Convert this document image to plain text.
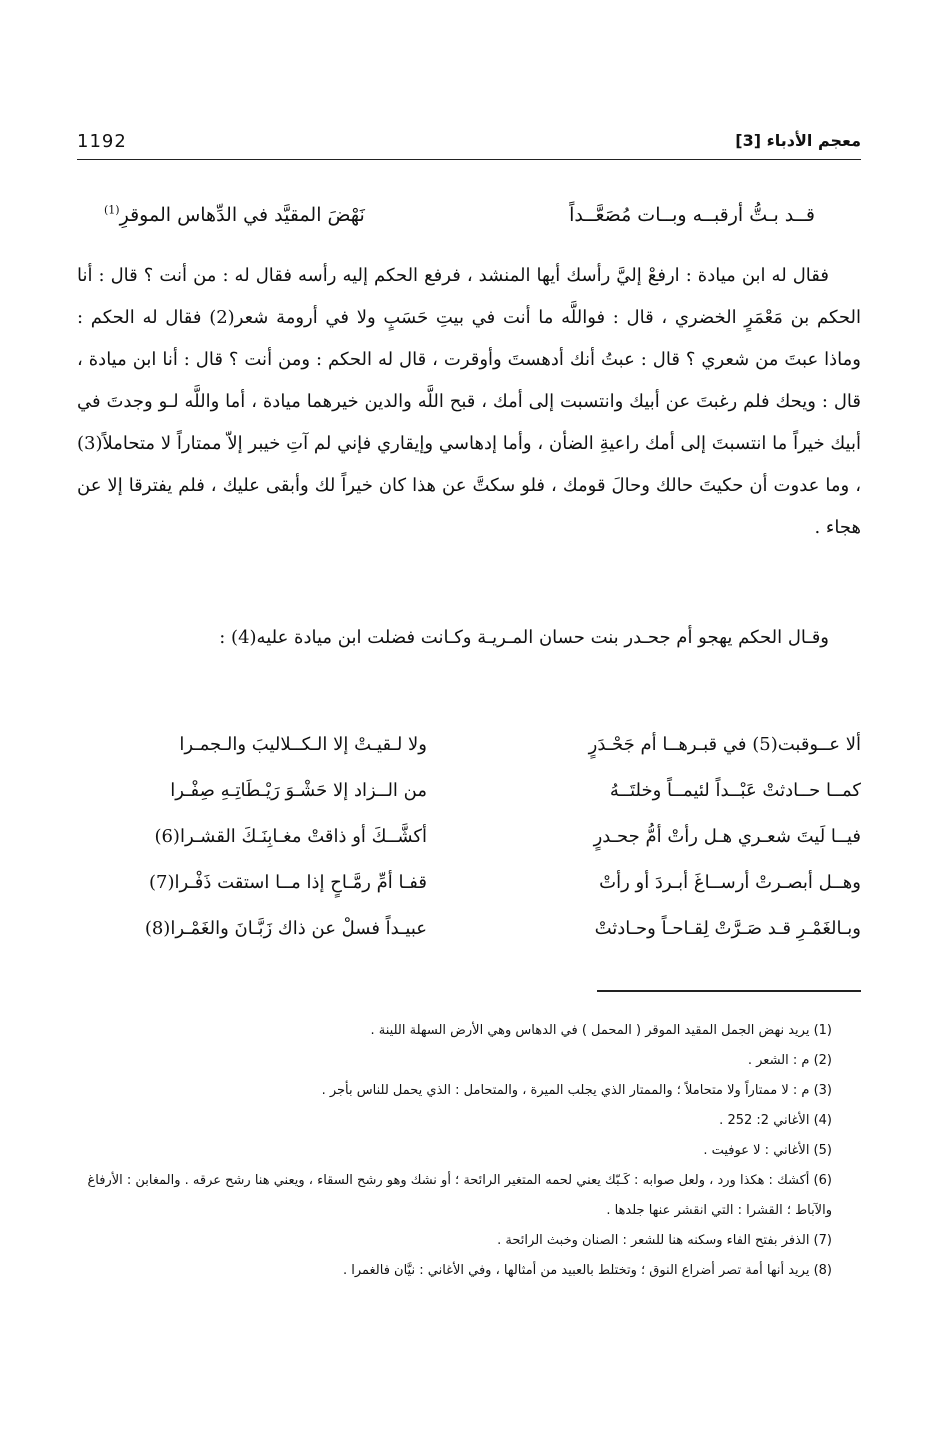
1192	معجم الأدباء [3]
قــد بـتُّ أرقبــه وبــات مُصَعَّــداً
نَهْضَ المقيَّد في الدِّهاس الموقرِ$^{(1)}$

فقال له ابن ميادة : ارفعْ إليَّ رأسك أيها المنشد ، فرفع الحكم إليه رأسه فقال له : من أنت ؟ قال : أنا الحكم بن مَعْمَرٍ الخضري ، قال : فواللَّه ما أنت في بيتِ حَسَبٍ ولا في أرومة شعر(2) فقال له الحكم : وماذا عبتَ من شعري ؟ قال : عبتُ أنك أدهستَ وأوقرت ، قال له الحكم : ومن أنت ؟ قال : أنا ابن ميادة ، قال : ويحك فلم رغبتَ عن أبيك وانتسبت إلى أمك ، قبح اللَّه والدين خيرهما ميادة ، أما واللَّه لـو وجدتَ في أبيك خيراً ما انتسبتَ إلى أمك راعيةِ الضأن ، وأما إدهاسي وإيقاري فإني لم آتِ خيبر إلاّ ممتاراً لا متحاملاً(3) ، وما عدوت أن حكيتَ حالك وحالَ قومك ، فلو سكتَّ عن هذا كان خيراً لك وأبقى عليك ، فلم يفترقا إلا عن هجاء .

وقـال الحكم يهجو أم جحـدر بنت حسان المـريـة وكـانت فضلت ابن ميادة عليه(4) :

ألا عــوقبت(5) في قبـرهــا أم جَحْـدَرٍ
ولا لـقيـتْ إلا الـكــلاليبَ والـجمـرا
كمــا حــادثتْ عَبْــداً لئيمــاً وخلتَــهُ
من الــزاد إلا حَشْـوَ رَيْـطَاتِـهِ صِفْـرا
فيــا لَيتَ شعـري هـل رأتْ أمُّ جحـدرٍ
أكشَّــكَ أو ذاقتْ مغـابِنَـكَ القشـرا(6)
وهــل أبصـرتْ أرســاغَ أبـردَ أو رأتْ
قفـا أمِّ رمَّـاحٍ إذا مــا استقت ذَفْـرا(7)
وبـالغَمْـرِ قـد صَـرَّتْ لِقـاحـاً وحـادثتْ
عبيـداً فسلْ عن ذاك زَبَّـانَ والغَمْـرا(8)

(1) يريد نهض الجمل المقيد الموقر ( المحمل ) في الدهاس وهي الأرض السهلة اللينة .

(2) م : الشعر .

(3) م : لا ممتاراً ولا متحاملاً ؛ والممتار الذي يجلب الميرة ، والمتحامل : الذي يحمل للناس بأجر .

(4) الأغاني 2: 252 .

(5) الأغاني : لا عوفيت .

(6) أكشك : هكذا ورد ، ولعل صوابه : كَـبّك يعني لحمه المتغير الرائحة ؛ أو نشك وهو رشح السقاء ، ويعني هنا رشح عرقه . والمغابن : الأرفاغ والآباط ؛ القشرا : التي انقشر عنها جلدها .

(7) الذفر بفتح الفاء وسكنه هنا للشعر : الصنان وخبث الرائحة .

(8) يريد أنها أمة تصر أضراع النوق ؛ وتختلط بالعبيد من أمثالها ، وفي الأغاني : نيَّان فالغمرا .
